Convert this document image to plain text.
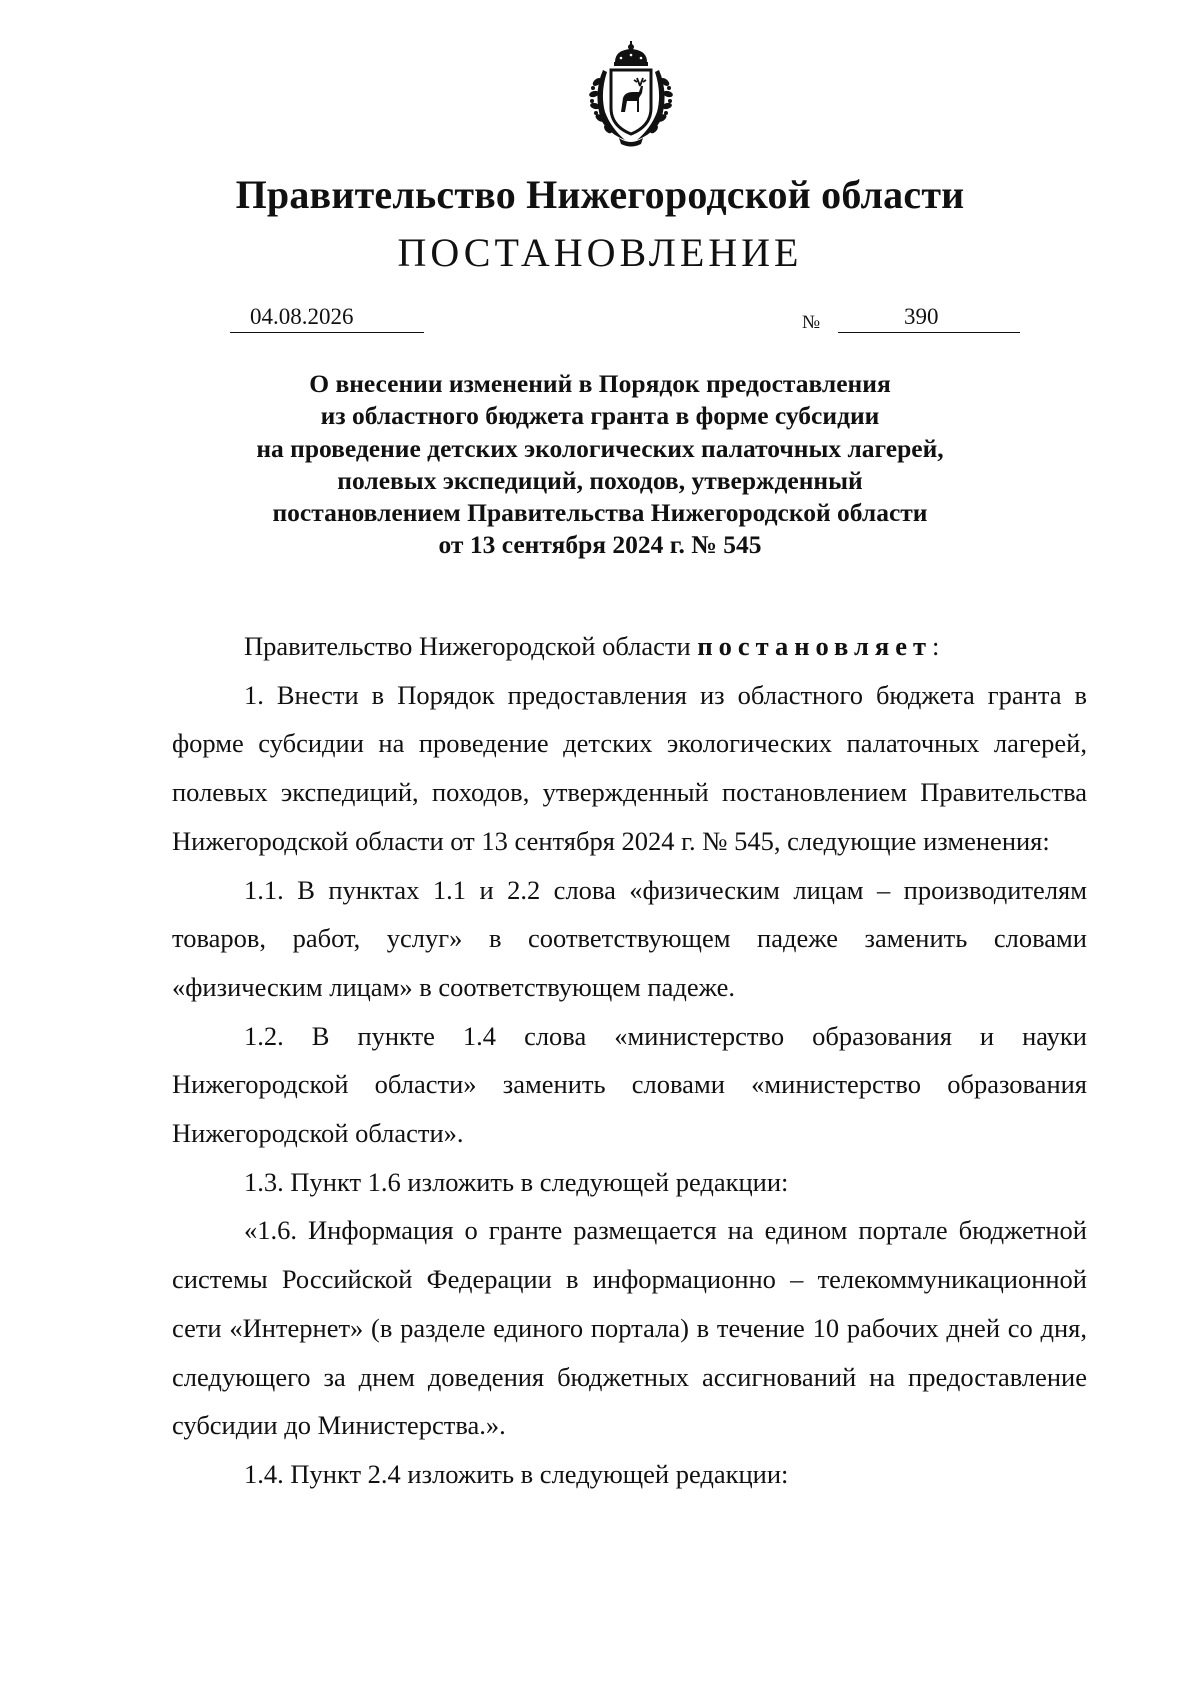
Правительство Нижегородской области
ПОСТАНОВЛЕНИЕ
04.08.2026	№	390
О внесении изменений в Порядок предоставления
из областного бюджета гранта в форме субсидии
на проведение детских экологических палаточных лагерей,
полевых экспедиций, походов, утвержденный
постановлением Правительства Нижегородской области
от 13 сентября 2024 г. № 545

Правительство Нижегородской области постановляет:

1. Внести в Порядок предоставления из областного бюджета гранта в форме субсидии на проведение детских экологических палаточных лагерей, полевых экспедиций, походов, утвержденный постановлением Правительства Нижегородской области от 13 сентября 2024 г. № 545, следующие изменения:

1.1. В пунктах 1.1 и 2.2 слова «физическим лицам – производителям товаров, работ, услуг» в соответствующем падеже заменить словами «физическим лицам» в соответствующем падеже.

1.2. В пункте 1.4 слова «министерство образования и науки Нижегородской области» заменить словами «министерство образования Нижегородской области».

1.3. Пункт 1.6 изложить в следующей редакции:

«1.6. Информация о гранте размещается на едином портале бюджетной системы Российской Федерации в информационно – телекоммуникационной сети «Интернет» (в разделе единого портала) в течение 10 рабочих дней со дня, следующего за днем доведения бюджетных ассигнований на предоставление субсидии до Министерства.».

1.4. Пункт 2.4 изложить в следующей редакции:
